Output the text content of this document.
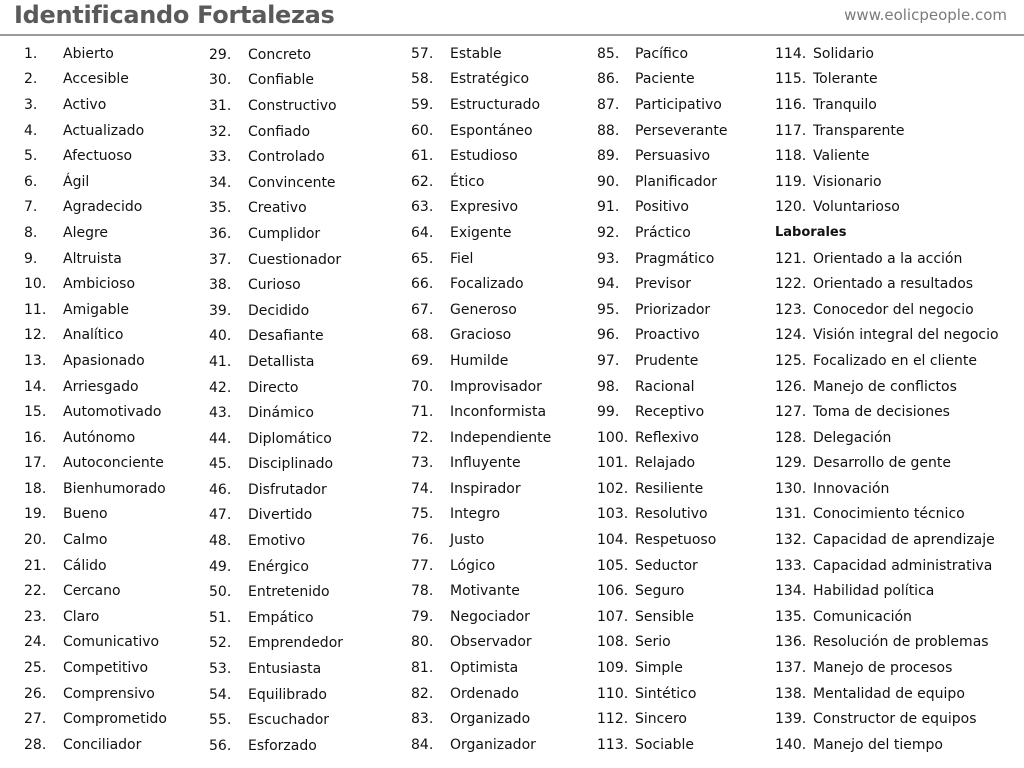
Identificando Fortalezas	www.eolicpeople.com
1.	Abierto
2.	Accesible
3.	Activo
4.	Actualizado
5.	Afectuoso
6.	Ágil
7.	Agradecido
8.	Alegre
9.	Altruista
10.	Ambicioso
11.	Amigable
12.	Analítico
13.	Apasionado
14.	Arriesgado
15.	Automotivado
16.	Autónomo
17.	Autoconciente
18.	Bienhumorado
19.	Bueno
20.	Calmo
21.	Cálido
22.	Cercano
23.	Claro
24.	Comunicativo
25.	Competitivo
26.	Comprensivo
27.	Comprometido
28.	Conciliador
29.	Concreto
30.	Confiable
31.	Constructivo
32.	Confiado
33.	Controlado
34.	Convincente
35.	Creativo
36.	Cumplidor
37.	Cuestionador
38.	Curioso
39.	Decidido
40.	Desafiante
41.	Detallista
42.	Directo
43.	Dinámico
44.	Diplomático
45.	Disciplinado
46.	Disfrutador
47.	Divertido
48.	Emotivo
49.	Enérgico
50.	Entretenido
51.	Empático
52.	Emprendedor
53.	Entusiasta
54.	Equilibrado
55.	Escuchador
56.	Esforzado
57.	Estable
58.	Estratégico
59.	Estructurado
60.	Espontáneo
61.	Estudioso
62.	Ético
63.	Expresivo
64.	Exigente
65.	Fiel
66.	Focalizado
67.	Generoso
68.	Gracioso
69.	Humilde
70.	Improvisador
71.	Inconformista
72.	Independiente
73.	Influyente
74.	Inspirador
75.	Integro
76.	Justo
77.	Lógico
78.	Motivante
79.	Negociador
80.	Observador
81.	Optimista
82.	Ordenado
83.	Organizado
84.	Organizador
85.	Pacífico
86.	Paciente
87.	Participativo
88.	Perseverante
89.	Persuasivo
90.	Planificador
91.	Positivo
92.	Práctico
93.	Pragmático
94.	Previsor
95.	Priorizador
96.	Proactivo
97.	Prudente
98.	Racional
99.	Receptivo
100. Reflexivo
101. Relajado
102. Resiliente
103. Resolutivo
104. Respetuoso
105. Seductor
106. Seguro
107. Sensible
108. Serio
109. Simple
110. Sintético
112. Sincero
113. Sociable
114. Solidario
115. Tolerante
116. Tranquilo
117. Transparente
118. Valiente
119. Visionario
120. Voluntarioso
Laborales
121. Orientado a la acción
122. Orientado a resultados
123. Conocedor del negocio
124. Visión integral del negocio
125. Focalizado en el cliente
126. Manejo de conflictos
127. Toma de decisiones
128. Delegación
129. Desarrollo de gente
130. Innovación
131. Conocimiento técnico
132. Capacidad de aprendizaje
133. Capacidad administrativa
134. Habilidad política
135. Comunicación
136. Resolución de problemas
137. Manejo de procesos
138. Mentalidad de equipo
139. Constructor de equipos
140. Manejo del tiempo
